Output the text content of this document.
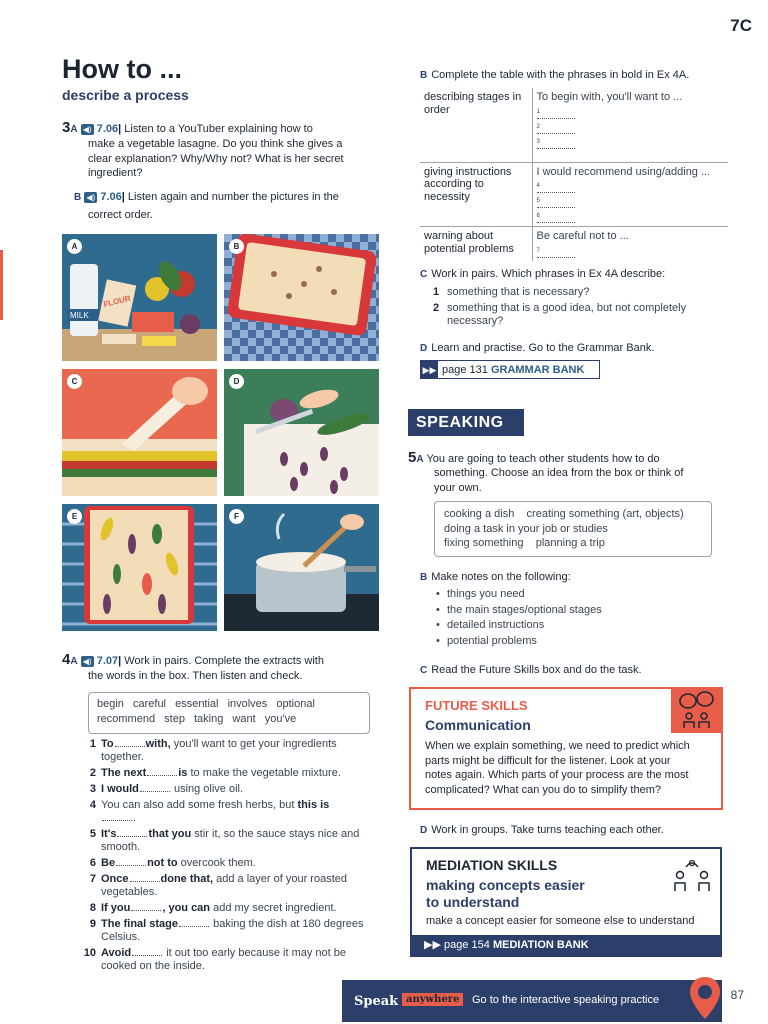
7C
How to ...
describe a process
3A ◀) 7.06| Listen to a YouTuber explaining how to
make a vegetable lasagne. Do you think she gives a
clear explanation? Why/Why not? What is her secret
ingredient?
B ◀) 7.06| Listen again and number the pictures in the
correct order.
A
MILK
FLOUR
B
C	D
E	F
4A ◀) 7.07| Work in pairs. Complete the extracts with
the words in the box. Then listen and check.
begin careful essential involves optional
recommend step taking want you've
1 To	with, you'll want to get your ingredients together.
2 The next	is to make the vegetable mixture.
3 I would	using olive oil.
4 You can also add some fresh herbs, but this is
.
5 It's	that you stir it, so the sauce stays nice and smooth.
6 Be	not to overcook them.
7 Once	done that, add a layer of your roasted vegetables.
8 If you	, you can add my secret ingredient.
9 The final stage	baking the dish at 180 degrees Celsius.
10 Avoid	it out too early because it may not be cooked on the inside.
B Complete the table with the phrases in bold in Ex 4A.
describing stages in order	To begin with, you'll want to ...
1
2
3

giving instructions according to necessity	I would recommend using/adding ...
4
5
6

warning about potential problems	Be careful not to ...
7
C Work in pairs. Which phrases in Ex 4A describe:
1 something that is necessary?
2 something that is a good idea, but not completely necessary?
D Learn and practise. Go to the Grammar Bank.
▶▶ page 131 GRAMMAR BANK
SPEAKING
5A You are going to teach other students how to do
something. Choose an idea from the box or think of
your own.
cooking a dish    creating something (art, objects)
doing a task in your job or studies
fixing something    planning a trip
B Make notes on the following:
• things you need
• the main stages/optional stages
• detailed instructions
• potential problems
C Read the Future Skills box and do the task.
FUTURE SKILLS
Communication
When we explain something, we need to predict which
parts might be difficult for the listener. Look at your
notes again. Which parts of your process are the most
complicated? What can you do to simplify them?
D Work in groups. Take turns teaching each other.
MEDIATION SKILLS
making concepts easier
to understand
make a concept easier for someone else to understand
▶▶ page 154 MEDIATION BANK
Speak anywhere	Go to the interactive speaking practice	87
